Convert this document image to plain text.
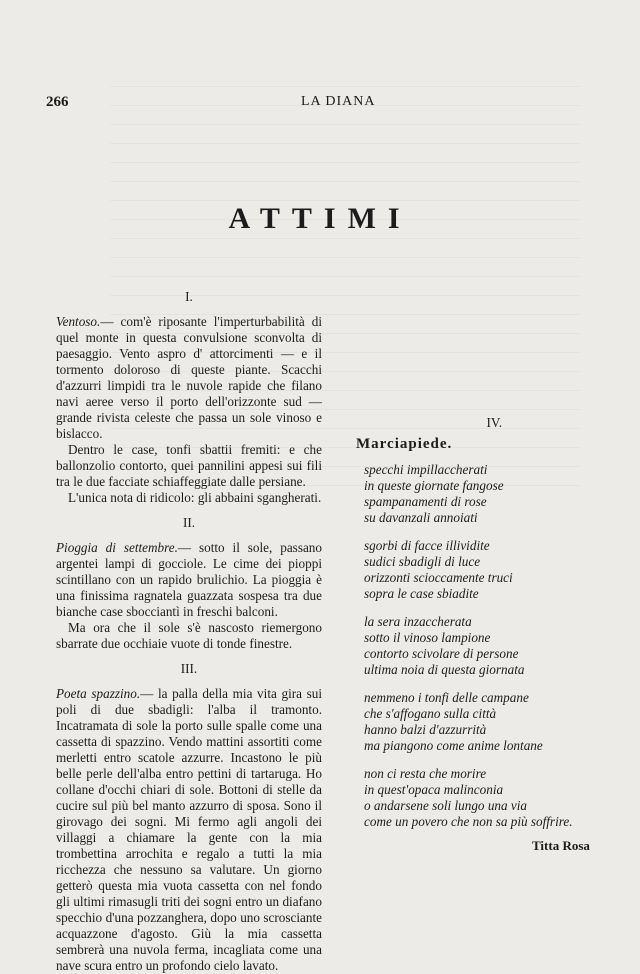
266	LA DIANA
ATTIMI

I.

Ventoso.— com'è riposante l'imperturbabilità di quel monte in questa convulsione sconvolta di paesaggio. Vento aspro d' attorcimenti — e il tormento doloroso di queste piante. Scacchi d'azzurri limpidi tra le nuvole rapide che filano navi aeree verso il porto dell'orizzonte sud — grande rivista celeste che passa un sole vinoso e bislacco.

Dentro le case, tonfi sbattii fremiti: e che ballonzolio contorto, quei pannilini appesi sui fili tra le due facciate schiaffeggiate dalle persiane.

L'unica nota di ridicolo: gli abbaini sgangherati.

II.

Pioggia di settembre.— sotto il sole, passano argentei lampi di gocciole. Le cime dei pioppi scintillano con un rapido brulichio. La pioggia è una finissima ragnatela guazzata sospesa tra due bianche case sbocciantì in freschi balconi.

Ma ora che il sole s'è nascosto riemergono sbarrate due occhiaie vuote di tonde finestre.

III.

Poeta spazzino.— la palla della mia vita gira sui poli di due sbadigli: l'alba il tramonto. Incatramata di sole la porto sulle spalle come una cassetta di spazzino. Vendo mattini assortiti come merletti entro scatole azzurre. Incastono le più belle perle dell'alba entro pettini di tartaruga. Ho collane d'occhi chiari di sole. Bottoni di stelle da cucire sul più bel manto azzurro di sposa. Sono il girovago dei sogni. Mi fermo agli angoli dei villaggi a chiamare la gente con la mia trombettina arrochita e regalo a tutti la mia ricchezza che nessuno sa valutare. Un giorno getterò questa mia vuota cassetta con nel fondo gli ultimi rimasugli triti dei sogni entro un diafano specchio d'una pozzanghera, dopo uno scrosciante acquazzone d'agosto. Giù la mia cassetta sembrerà una nuvola ferma, incagliata come una nave scura entro un profondo cielo lavato.

IV.

Marciapiede.

specchi impillaccherati
in queste giornate fangose
spampanamenti di rose
su davanzali annoiati
sgorbi di facce illividite
sudici sbadigli di luce
orizzonti scioccamente truci
sopra le case sbiadite
la sera inzaccherata
sotto il vinoso lampione
contorto scivolare di persone
ultima noia di questa giornata
nemmeno i tonfi delle campane
che s'affogano sulla città
hanno balzi d'azzurrità
ma piangono come anime lontane
non ci resta che morire
in quest'opaca malinconia
o andarsene soli lungo una via
come un povero che non sa più soffrire.
Titta Rosa
